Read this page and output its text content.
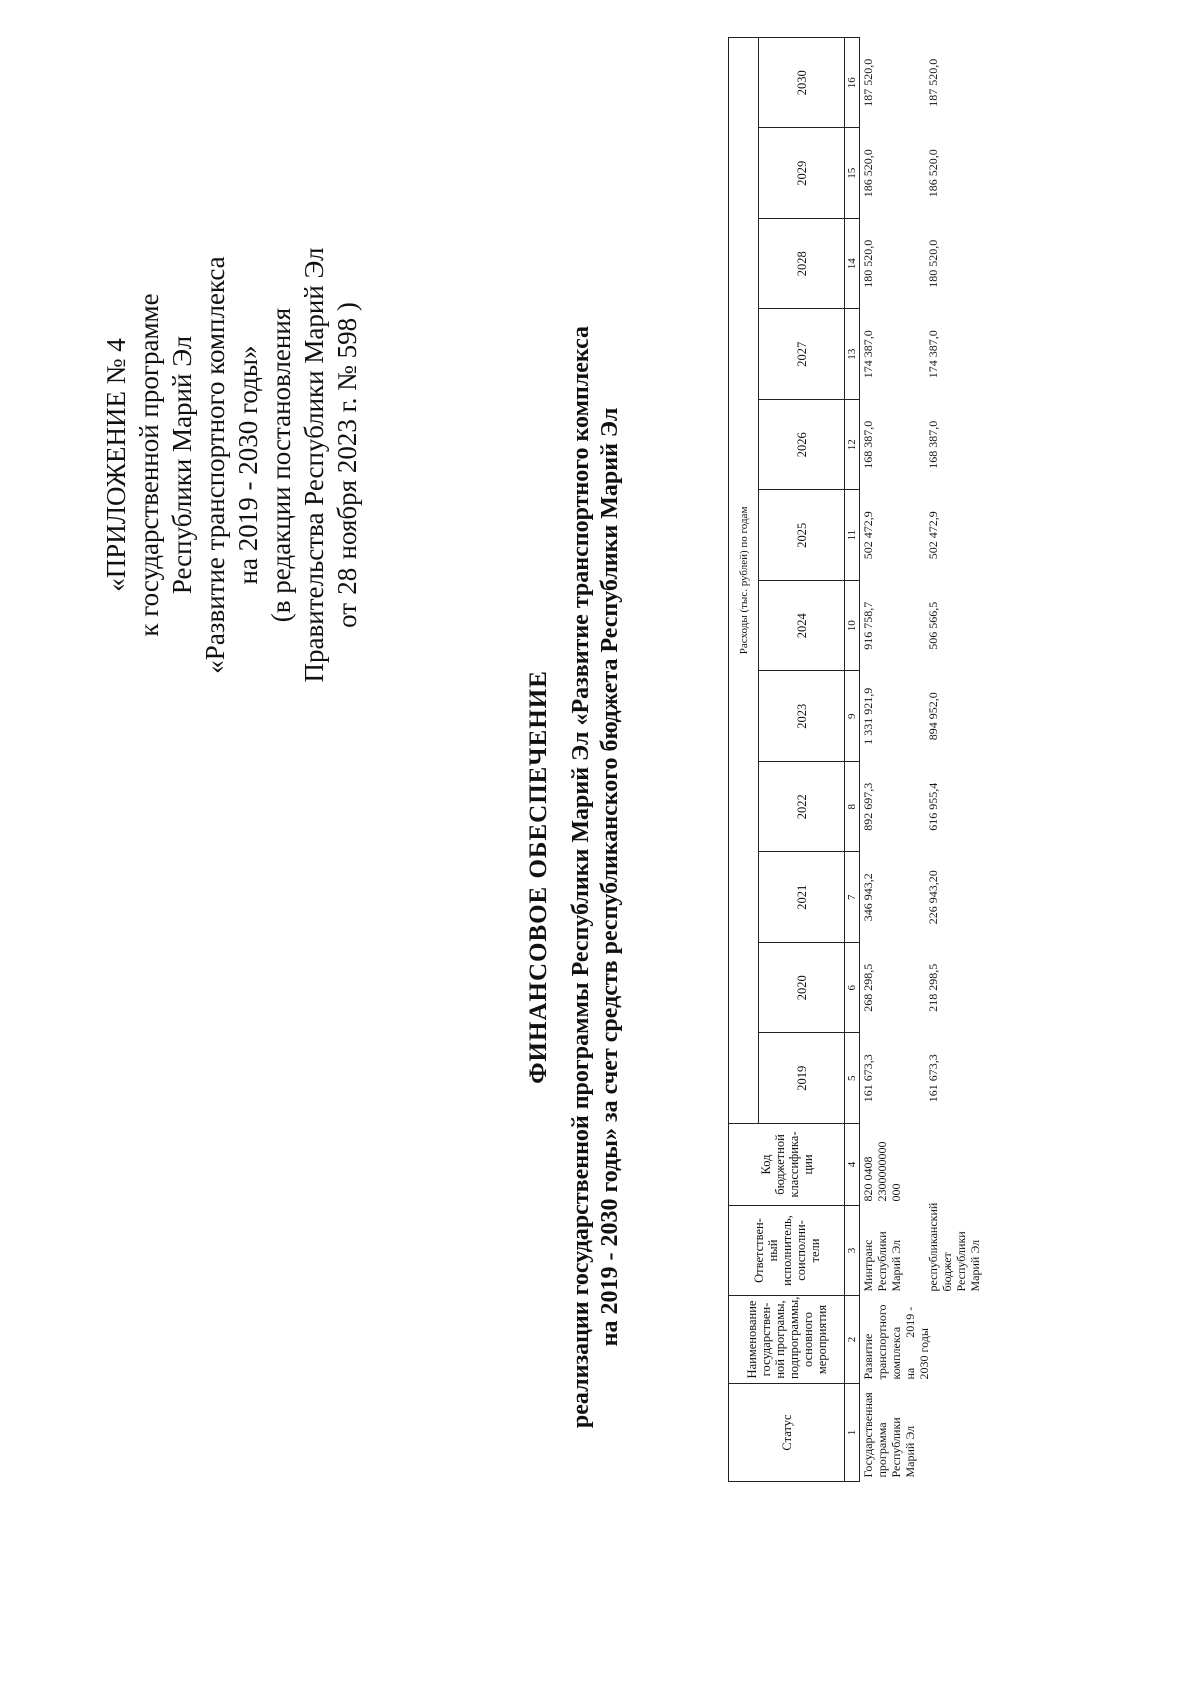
«ПРИЛОЖЕНИЕ № 4 к государственной программе Республики Марий Эл «Развитие транспортного комплекса на 2019 - 2030 годы» (в редакции постановления Правительства Республики Марий Эл от 28 ноября 2023 г. № 598 )
ФИНАНСОВОЕ ОБЕСПЕЧЕНИЕ реализации государственной программы Республики Марий Эл «Развитие транспортного комплекса на 2019 - 2030 годы» за счет средств республиканского бюджета Республики Марий Эл
Статус	Наименование государствен-ной програмы, подпрограммы, основного мероприятия	Ответствен-ный исполнитель, соисполни-тели	Код бюджетной классифика-ции	Расходы (тыс. рублей) по годам											
				2019	2020	2021	2022	2023	2024	2025	2026	2027	2028	2029	2030
1	2	3	4	5	6	7	8	9	10	11	12	13	14	15	16
Государственная программа Республики Марий Эл	Развитие транспортного комплекса на          2019 - 2030 годы	Минтранс Республики Марий Эл	820 0408 2300000000 000	161 673,3	268 298,5	346 943,2	892 697,3	1 331 921,9	916 758,7	502 472,9	168 387,0	174 387,0	180 520,0	186 520,0	187 520,0
		республиканский бюджет Республики Марий Эл		161 673,3	218 298,5	226 943,20	616 955,4	894 952,0	506 566,5	502 472,9	168 387,0	174 387,0	180 520,0	186 520,0	187 520,0
